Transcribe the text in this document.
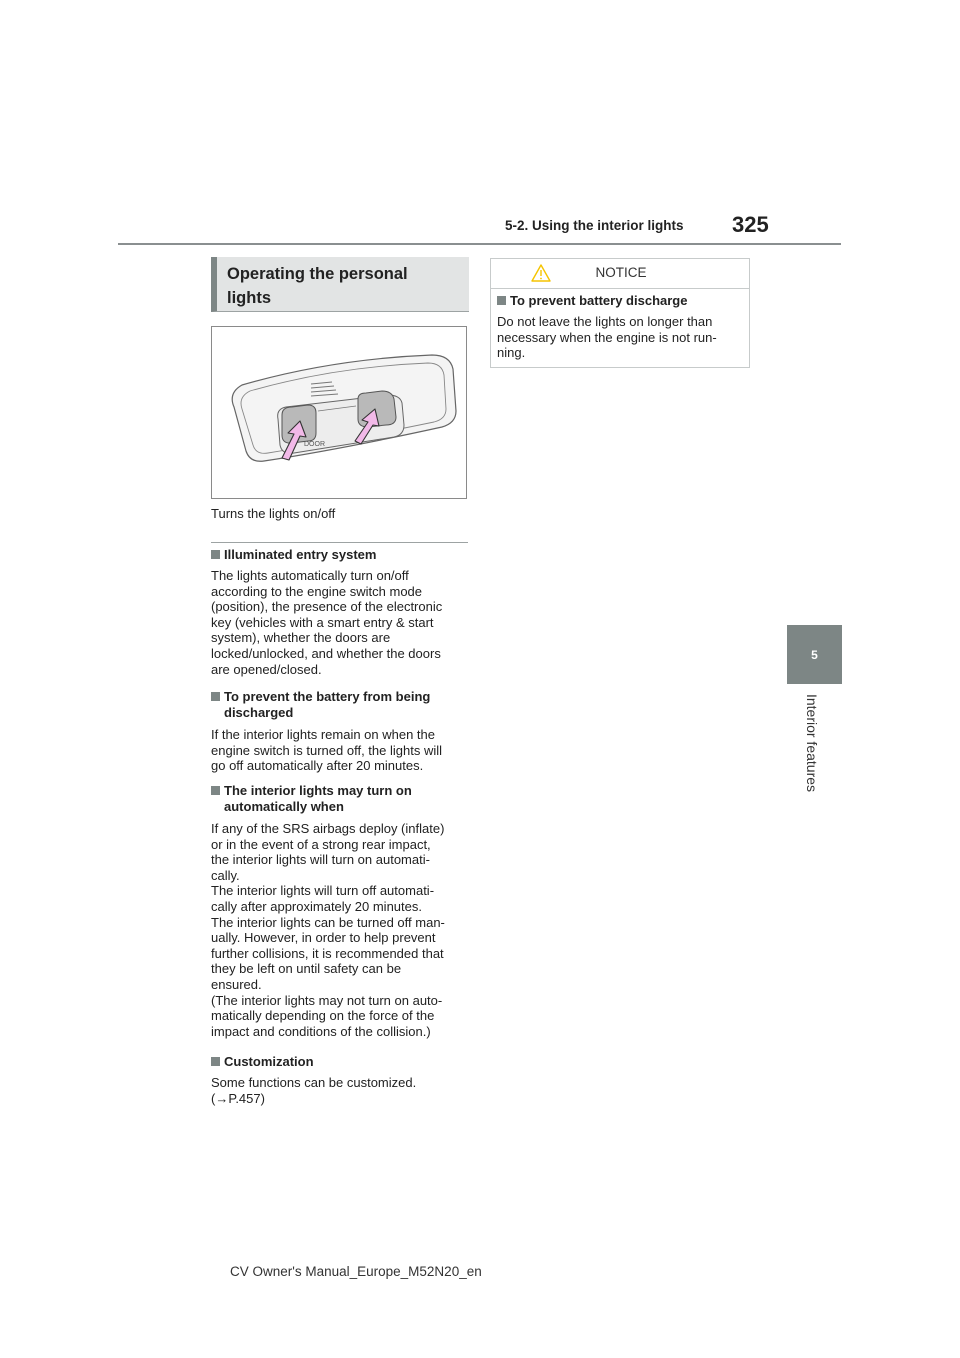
5-2. Using the interior lights 325
5
Interior features
Operating the personal
lights
DOOR
Turns the lights on/off
Illuminated entry system
The lights automatically turn on/off
according to the engine switch mode
(position), the presence of the electronic
key (vehicles with a smart entry & start
system), whether the doors are
locked/unlocked, and whether the doors
are opened/closed.
To prevent the battery from being
discharged
If the interior lights remain on when the
engine switch is turned off, the lights will
go off automatically after 20 minutes.
The interior lights may turn on
automatically when
If any of the SRS airbags deploy (inflate)
or in the event of a strong rear impact,
the interior lights will turn on automati-
cally.
The interior lights will turn off automati-
cally after approximately 20 minutes.
The interior lights can be turned off man-
ually. However, in order to help prevent
further collisions, it is recommended that
they be left on until safety can be
ensured.
(The interior lights may not turn on auto-
matically depending on the force of the
impact and conditions of the collision.)
Customization
Some functions can be customized.
(→P.457)
NOTICE
To prevent battery discharge
Do not leave the lights on longer than
necessary when the engine is not run-
ning.
CV Owner's Manual_Europe_M52N20_en
